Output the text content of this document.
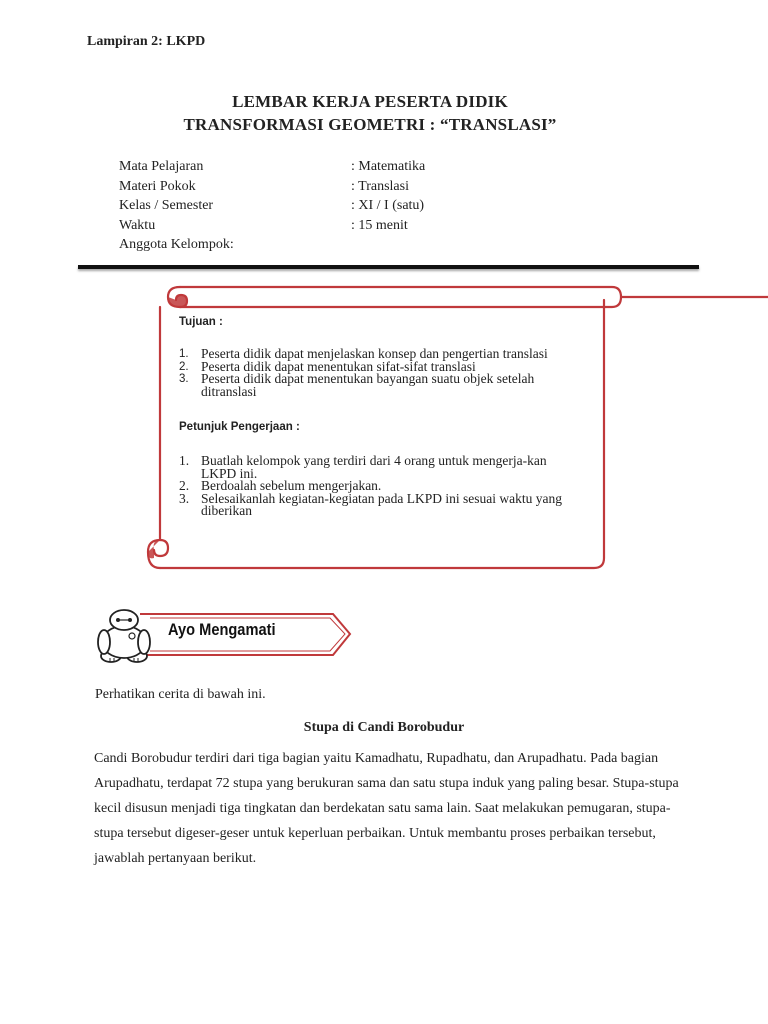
Lampiran 2: LKPD
LEMBAR KERJA PESERTA DIDIK
TRANSFORMASI GEOMETRI : “TRANSLASI”
Mata Pelajaran	: Matematika
Materi Pokok	: Translasi
Kelas / Semester	: XI / I (satu)
Waktu	: 15 menit
Anggota Kelompok:
Tujuan :
1. Peserta didik dapat menjelaskan konsep dan pengertian translasi
2. Peserta didik dapat menentukan sifat-sifat translasi
3. Peserta didik dapat menentukan bayangan suatu objek setelah ditranslasi
Petunjuk Pengerjaan :
1. Buatlah kelompok yang terdiri dari 4 orang untuk mengerja-kan LKPD ini.
2. Berdoalah sebelum mengerjakan.
3. Selesaikanlah kegiatan-kegiatan pada LKPD ini sesuai waktu yang diberikan
Ayo Mengamati
Perhatikan cerita di bawah ini.
Stupa di Candi Borobudur
Candi Borobudur terdiri dari tiga bagian yaitu Kamadhatu, Rupadhatu, dan Arupadhatu. Pada bagian Arupadhatu, terdapat 72 stupa yang berukuran sama dan satu stupa induk yang paling besar. Stupa-stupa kecil disusun menjadi tiga tingkatan dan berdekatan satu sama lain. Saat melakukan pemugaran, stupa-stupa tersebut digeser-geser untuk keperluan perbaikan. Untuk membantu proses perbaikan tersebut, jawablah pertanyaan berikut.
